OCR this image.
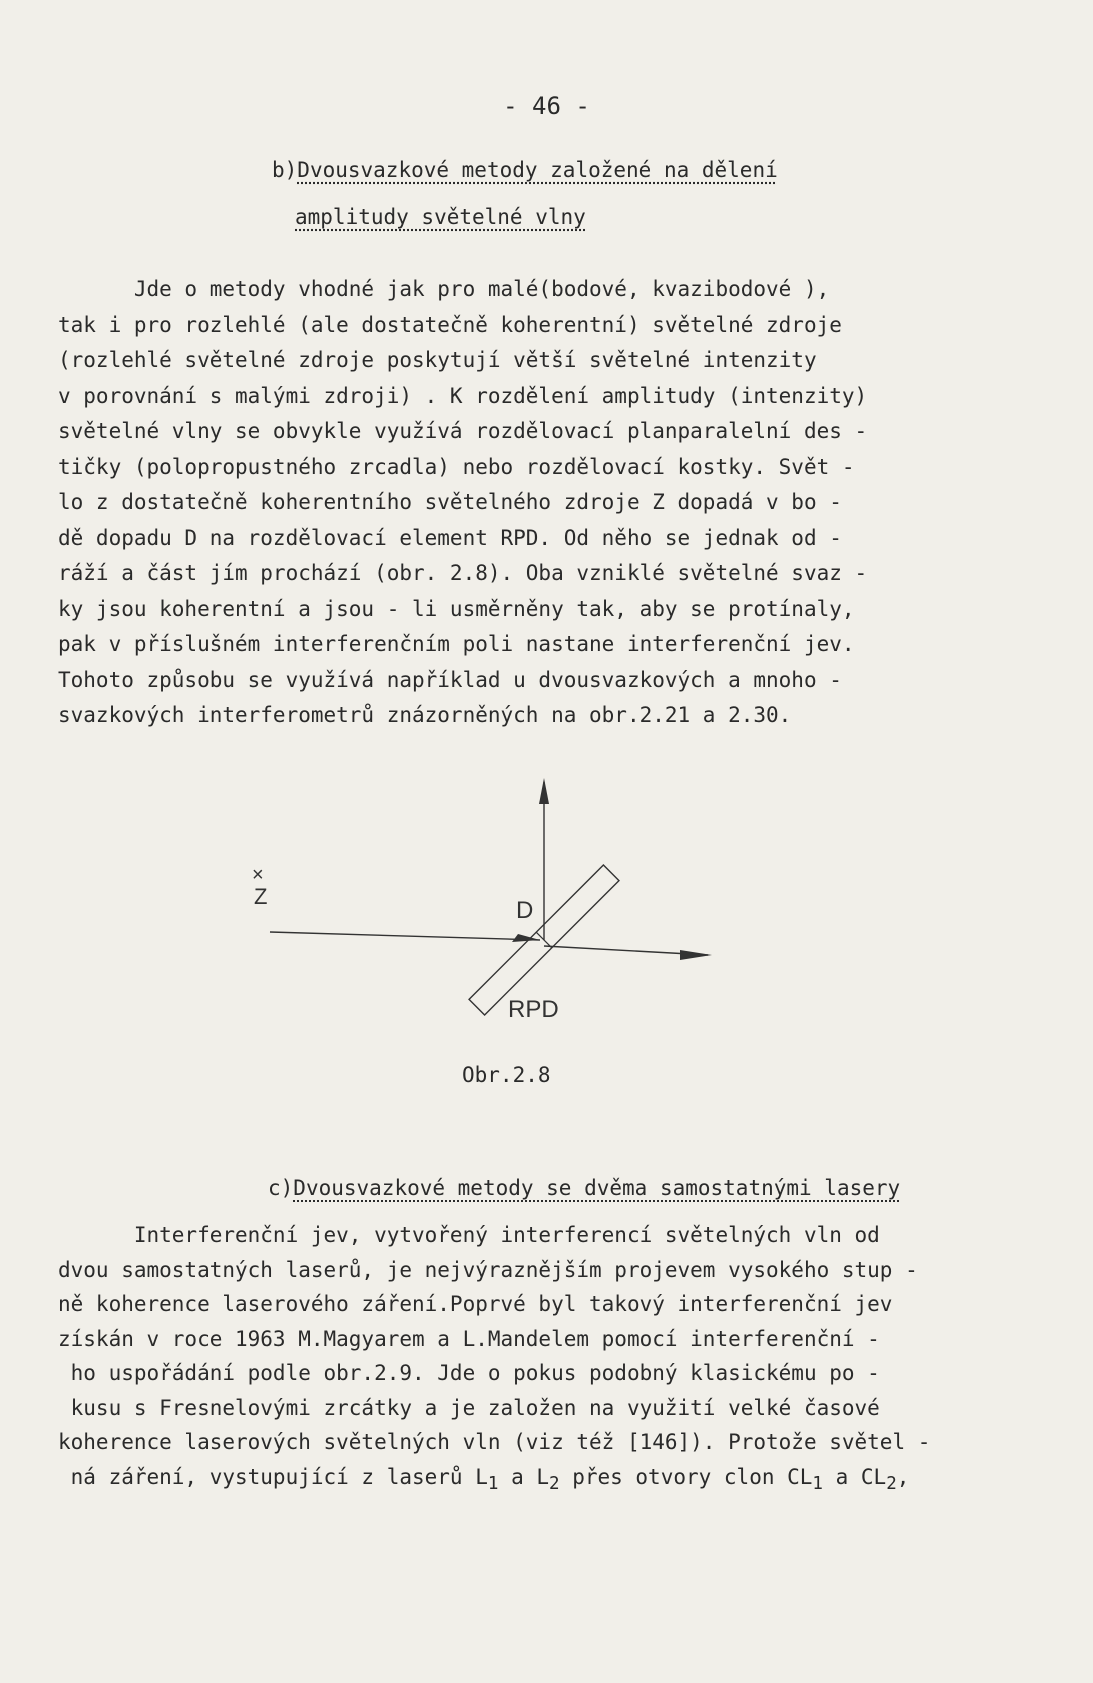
- 46 -
b)Dvousvazkové metody založené na dělení
amplitudy světelné vlny
Jde o metody vhodné jak pro malé(bodové, kvazibodové ),
tak i pro rozlehlé (ale dostatečně koherentní) světelné zdroje
(rozlehlé světelné zdroje poskytují větší světelné intenzity
v porovnání s malými zdroji) . K rozdělení amplitudy (intenzity)
světelné vlny se obvykle využívá rozdělovací planparalelní des -
tičky (polopropustného zrcadla) nebo rozdělovací kostky. Svět -
lo z dostatečně koherentního světelného zdroje Z dopadá v bo -
dě dopadu D na rozdělovací element RPD. Od něho se jednak od -
ráží a část jím prochází (obr. 2.8). Oba vzniklé světelné svaz -
ky jsou koherentní a jsou - li usměrněny tak, aby se protínaly,
pak v příslušném interferenčním poli nastane interferenční jev.
Tohoto způsobu se využívá například u dvousvazkových a mnoho -
svazkových interferometrů znázorněných na obr.2.21 a 2.30.
×
Z
D
RPD
Obr.2.8
c)Dvousvazkové metody se dvěma samostatnými lasery
Interferenční jev, vytvořený interferencí světelných vln od
dvou samostatných laserů, je nejvýraznějším projevem vysokého stup -
ně koherence laserového záření.Poprvé byl takový interferenční jev
získán v roce 1963 M.Magyarem a L.Mandelem pomocí interferenční -
ho uspořádání podle obr.2.9. Jde o pokus podobný klasickému po -
kusu s Fresnelovými zrcátky a je založen na využití velké časové
koherence laserových světelných vln (viz též [146]). Protože světel -
ná záření, vystupující z laserů $L_1$ a $L_2$ přes otvory clon $CL_1$ a $CL_2$,
